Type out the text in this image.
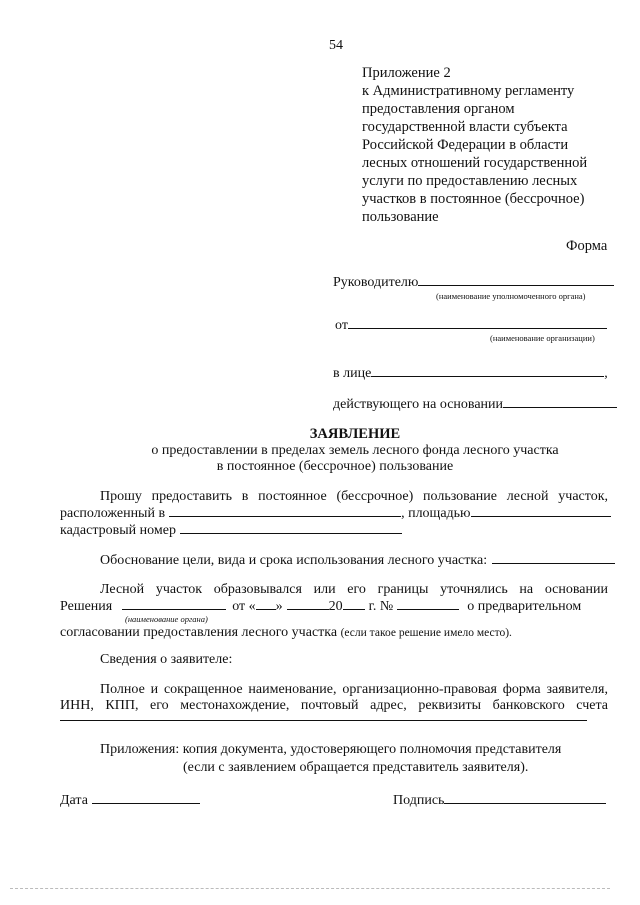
54
Приложение 2
к Административному регламенту
предоставления органом
государственной власти субъекта
Российской Федерации в области
лесных отношений государственной
услуги по предоставлению лесных
участков в постоянное (бессрочное)
пользование
Форма
Руководителю
(наименование уполномоченного органа)
от
(наименование организации)
в лице	,
действующего на основании
ЗАЯВЛЕНИЕ
о предоставлении в пределах земель лесного фонда лесного участка
в постоянное (бессрочное) пользование
Прошу предоставить в постоянное (бессрочное) пользование лесной участок,
расположенный в	, площадью
кадастровый номер
Обоснование цели, вида и срока использования лесного участка:
Лесной участок образовывался или его границы уточнялись на основании
Решения	от « »	20 г. №	о предварительном
(наименование органа)
согласовании предоставления лесного участка (если такое решение имело место).
Сведения о заявителе:
Полное и сокращенное наименование, организационно-правовая форма заявителя,
ИНН, КПП, его местонахождение, почтовый адрес, реквизиты банковского счета
Приложения: копия документа, удостоверяющего полномочия представителя
(если с заявлением обращается представитель заявителя).
Дата	Подпись
